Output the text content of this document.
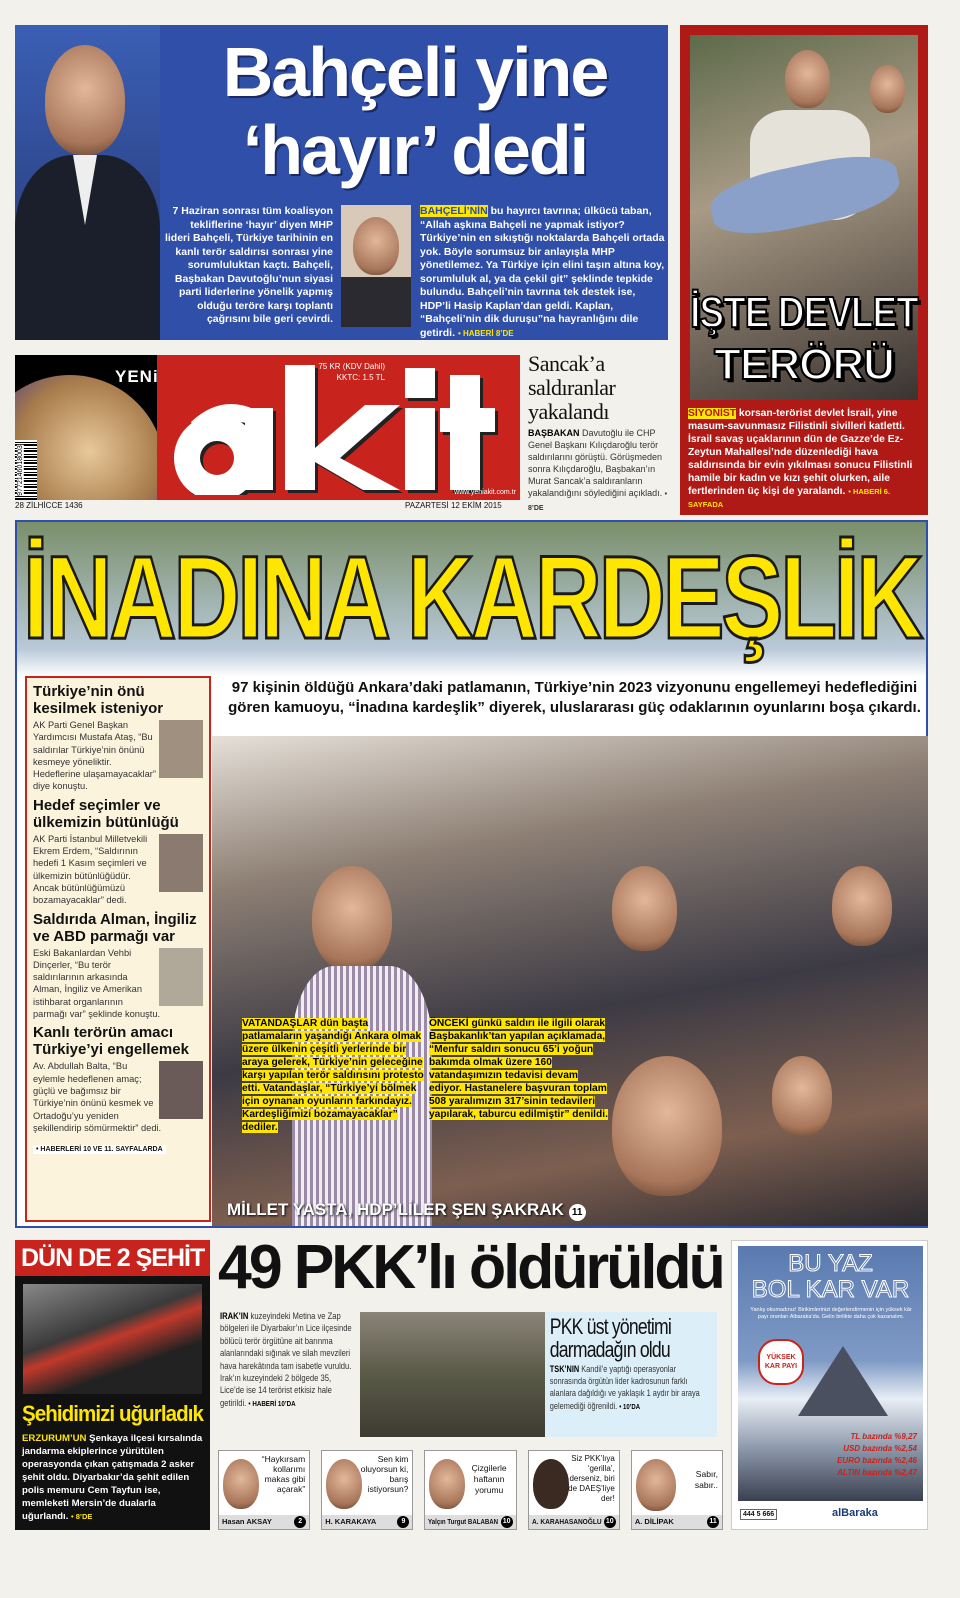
Bahçeli yine
‘hayır’ dedi

7 Haziran sonrası tüm koalisyon tekliflerine ‘hayır’ diyen MHP lideri Bahçeli, Türkiye tarihinin en kanlı terör saldırısı sonrası yine sorumluluktan kaçtı. Bahçeli, Başbakan Davutoğlu’nun siyasi parti liderlerine yönelik yapmış olduğu teröre karşı toplantı çağrısını bile geri çevirdi.

BAHÇELİ’NİN bu hayırcı tavrına; ülkücü taban, “Allah aşkına Bahçeli ne yapmak istiyor? Türkiye’nin en sıkıştığı noktalarda Bahçeli ortada yok. Böyle sorumsuz bir anlayışla MHP yönetilemez. Ya Türkiye için elini taşın altına koy, sorumluluk al, ya da çekil git” şeklinde tepkide bulundu. Bahçeli’nin tavrına tek destek ise, HDP’li Hasip Kaplan’dan geldi. Kaplan, “Bahçeli’nin dik duruşu”na hayranlığını dile getirdi. • HABERİ 8’DE	İŞTE DEVLET
TERÖRÜ

SİYONİST korsan-terörist devlet İsrail, yine masum-savunmasız Filistinli sivilleri katletti. İsrail savaş uçaklarının dün de Gazze’de Ez-Zeytun Mahallesi’nde düzenlediği hava saldırısında bir evin yıkılması sonucu Filistinli hamile bir kadın ve kızı şehit olurken, aile fertlerinden üç kişi de yaralandı. • HABERİ 6. SAYFADA

9772146018003
YENi
75 KR (KDV Dahil)
KKTC: 1.5 TL
www.yeniakit.com.tr
28 ZİLHİCCE 1436	PAZARTESİ 12 EKİM 2015
Sancak’a saldıranlar yakalandı

BAŞBAKAN Davutoğlu ile CHP Genel Başkanı Kılıçdaroğlu terör saldırılarını görüştü. Görüşmeden sonra Kılıçdaroğlu, Başbakan’ın Murat Sancak’a saldıranların yakalandığını söylediğini açıkladı. • 8’DE

İNADINA KARDEŞLİK

97 kişinin öldüğü Ankara’daki patlamanın, Türkiye’nin 2023 vizyonunu engellemeyi hedeflediğini gören kamuoyu, “İnadına kardeşlik” diyerek, uluslararası güç odaklarının oyunlarını boşa çıkardı.

VATANDAŞLAR dün başta patlamaların yaşandığı Ankara olmak üzere ülkenin çeşitli yerlerinde bir araya gelerek, Türkiye’nin geleceğine karşı yapılan terör saldırısını protesto etti. Vatandaşlar, “Türkiye’yi bölmek için oynanan oyunların farkındayız. Kardeşliğimizi bozamayacaklar” dediler.

ÖNCEKİ günkü saldırı ile ilgili olarak Başbakanlık’tan yapılan açıklamada, “Menfur saldırı sonucu 65’i yoğun bakımda olmak üzere 160 vatandaşımızın tedavisi devam ediyor. Hastanelere başvuran toplam 508 yaralımızın 317’sinin tedavileri yapılarak, taburcu edilmiştir” denildi.

MİLLET YASTA, HDP’LİLER ŞEN ŞAKRAK 11
Türkiye’nin önü kesilmek isteniyor

AK Parti Genel Başkan Yardımcısı Mustafa Ataş, “Bu saldırılar Türkiye’nin önünü kesmeye yöneliktir. Hedeflerine ulaşamayacaklar” diye konuştu.

Hedef seçimler ve ülkemizin bütünlüğü

AK Parti İstanbul Milletvekili Ekrem Erdem, “Saldırının hedefi 1 Kasım seçimleri ve ülkemizin bütünlüğüdür. Ancak bütünlüğümüzü bozamayacaklar” dedi.

Saldırıda Alman, İngiliz ve ABD parmağı var

Eski Bakanlardan Vehbi Dinçerler, “Bu terör saldırılarının arkasında Alman, İngiliz ve Amerikan istihbarat organlarının parmağı var” şeklinde konuştu.

Kanlı terörün amacı Türkiye’yi engellemek

Av. Abdullah Balta, “Bu eylemle hedeflenen amaç; güçlü ve bağımsız bir Türkiye’nin önünü kesmek ve Ortadoğu’yu yeniden şekillendirip sömürmektir” dedi.

• HABERLERİ 10 VE 11. SAYFALARDA
DÜN DE 2 ŞEHİT
Şehidimizi uğurladık

ERZURUM’UN Şenkaya ilçesi kırsalında jandarma ekiplerince yürütülen operasyonda çıkan çatışmada 2 asker şehit oldu. Diyarbakır’da şehit edilen polis memuru Cem Tayfun ise, memleketi Mersin’de dualarla uğurlandı. • 8’DE

49 PKK’lı öldürüldü

IRAK’IN kuzeyindeki Metina ve Zap bölgeleri ile Diyarbakır’ın Lice ilçesinde bölücü terör örgütüne ait barınma alanlarındaki sığınak ve silah mevzileri hava harekâtında tam isabetle vuruldu. Irak’ın kuzeyindeki 2 bölgede 35, Lice’de ise 14 terörist etkisiz hale getirildi. • HABERİ 10’DA

PKK üst yönetimi darmadağın oldu

TSK’NIN Kandil’e yaptığı operasyonlar sonrasında örgütün lider kadrosunun farklı alanlara dağıldığı ve yaklaşık 1 aydır bir araya gelemediği öğrenildi. • 10’DA

“Haykırsam kollarımı makas gibi açarak”
Hasan AKSAY	2
Sen kim oluyorsun ki, barış istiyorsun?
H. KARAKAYA	9
Çizgilerle haftanın yorumu
Yalçın Turgut BALABAN 10
Siz PKK’lıya ‘gerilla’, derseniz, biri de DAEŞ’liye der!
A. KARAHASANOĞLU 10
Sabır, sabır..
A. DİLİPAK	11
BU YAZ
BOL KAR VAR

Yanlış okumadınız! Birikimlerinizi değerlendirmenin için yüksek kâr payı oranları Albaraka’da. Gelin birlikte daha çok kazanalım.

YÜKSEK KAR PAYI
TL bazında %9,27
USD bazında %2,54
EURO bazında %2,46
ALTIN bazında %2,47
444 5 666	alBaraka
